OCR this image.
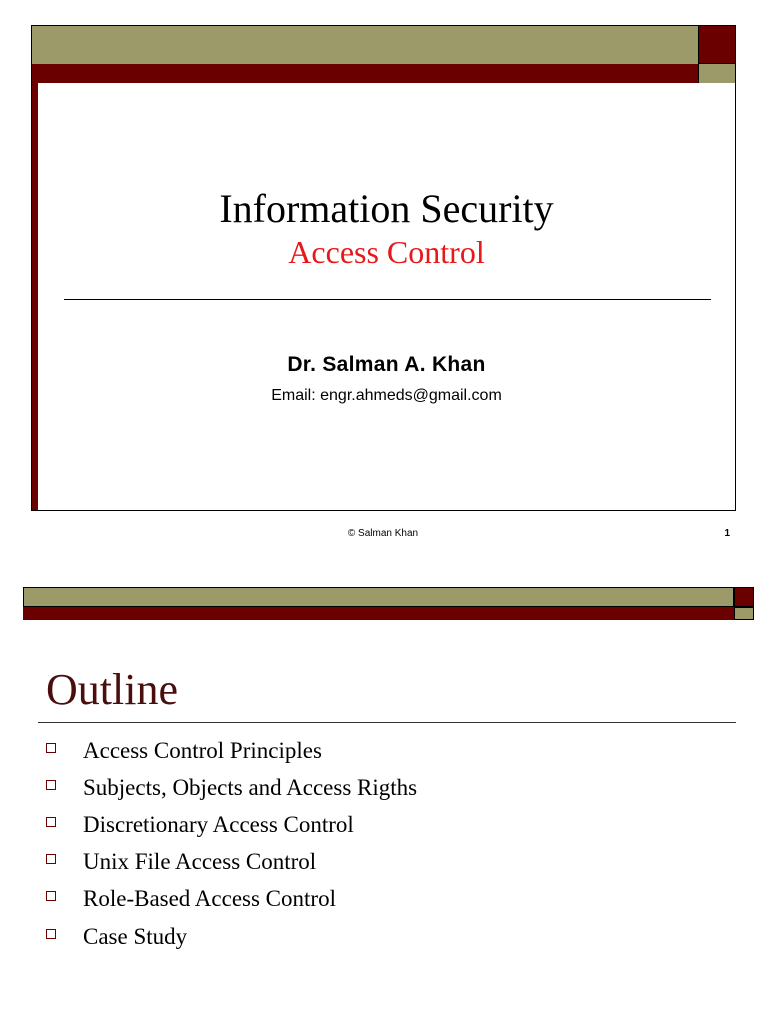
Information Security
Access Control
Dr. Salman A. Khan
Email: engr.ahmeds@gmail.com
© Salman Khan	1
Outline
Access Control Principles
Subjects, Objects and Access Rigths
Discretionary Access Control
Unix File Access Control
Role-Based Access Control
Case Study
